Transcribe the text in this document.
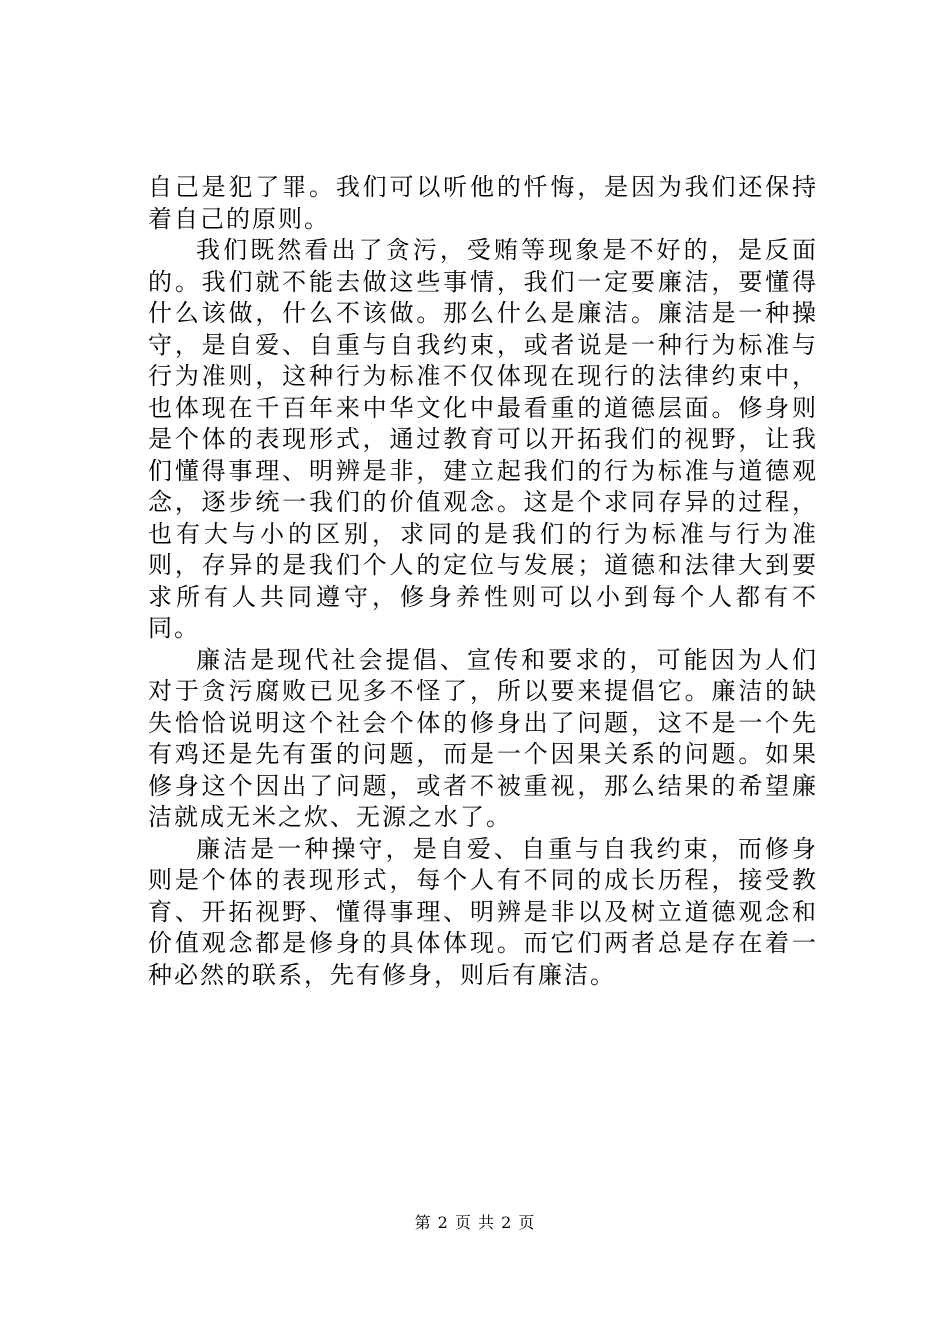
自己是犯了罪。我们可以听他的忏悔，是因为我们还保持着自己的原则。

我们既然看出了贪污，受贿等现象是不好的，是反面的。我们就不能去做这些事情，我们一定要廉洁，要懂得什么该做，什么不该做。那么什么是廉洁。廉洁是一种操守，是自爱、自重与自我约束，或者说是一种行为标准与行为准则，这种行为标准不仅体现在现行的法律约束中，也体现在千百年来中华文化中最看重的道德层面。修身则是个体的表现形式，通过教育可以开拓我们的视野，让我们懂得事理、明辨是非，建立起我们的行为标准与道德观念，逐步统一我们的价值观念。这是个求同存异的过程，也有大与小的区别，求同的是我们的行为标准与行为准则，存异的是我们个人的定位与发展；道德和法律大到要求所有人共同遵守，修身养性则可以小到每个人都有不同。

廉洁是现代社会提倡、宣传和要求的，可能因为人们对于贪污腐败已见多不怪了，所以要来提倡它。廉洁的缺失恰恰说明这个社会个体的修身出了问题，这不是一个先有鸡还是先有蛋的问题，而是一个因果关系的问题。如果修身这个因出了问题，或者不被重视，那么结果的希望廉洁就成无米之炊、无源之水了。

廉洁是一种操守，是自爱、自重与自我约束，而修身则是个体的表现形式，每个人有不同的成长历程，接受教育、开拓视野、懂得事理、明辨是非以及树立道德观念和价值观念都是修身的具体体现。而它们两者总是存在着一种必然的联系，先有修身，则后有廉洁。

第 2 页 共 2 页
